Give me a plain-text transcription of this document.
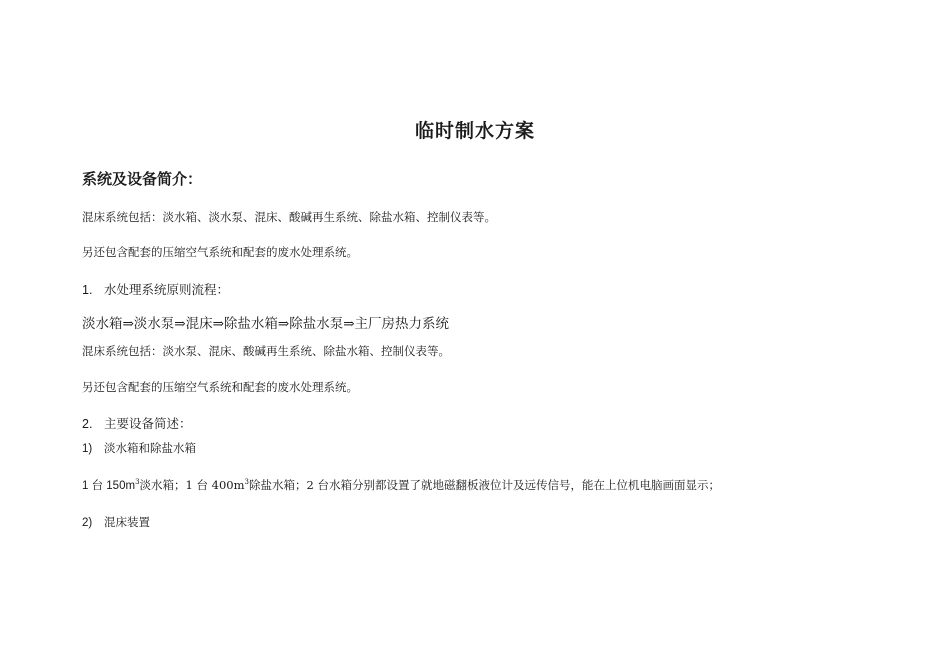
临时制水方案
系统及设备简介：
混床系统包括：淡水箱、淡水泵、混床、酸碱再生系统、除盐水箱、控制仪表等。
另还包含配套的压缩空气系统和配套的废水处理系统。
1. 水处理系统原则流程：
淡水箱⇒淡水泵⇒混床⇒除盐水箱⇒除盐水泵⇒主厂房热力系统
混床系统包括：淡水泵、混床、酸碱再生系统、除盐水箱、控制仪表等。
另还包含配套的压缩空气系统和配套的废水处理系统。
2. 主要设备简述：
1) 淡水箱和除盐水箱
1 台 $150m^3$淡水箱；1 台 $400m^3$除盐水箱；2 台水箱分别都设置了就地磁翻板液位计及远传信号，能在上位机电脑画面显示；
2) 混床装置
